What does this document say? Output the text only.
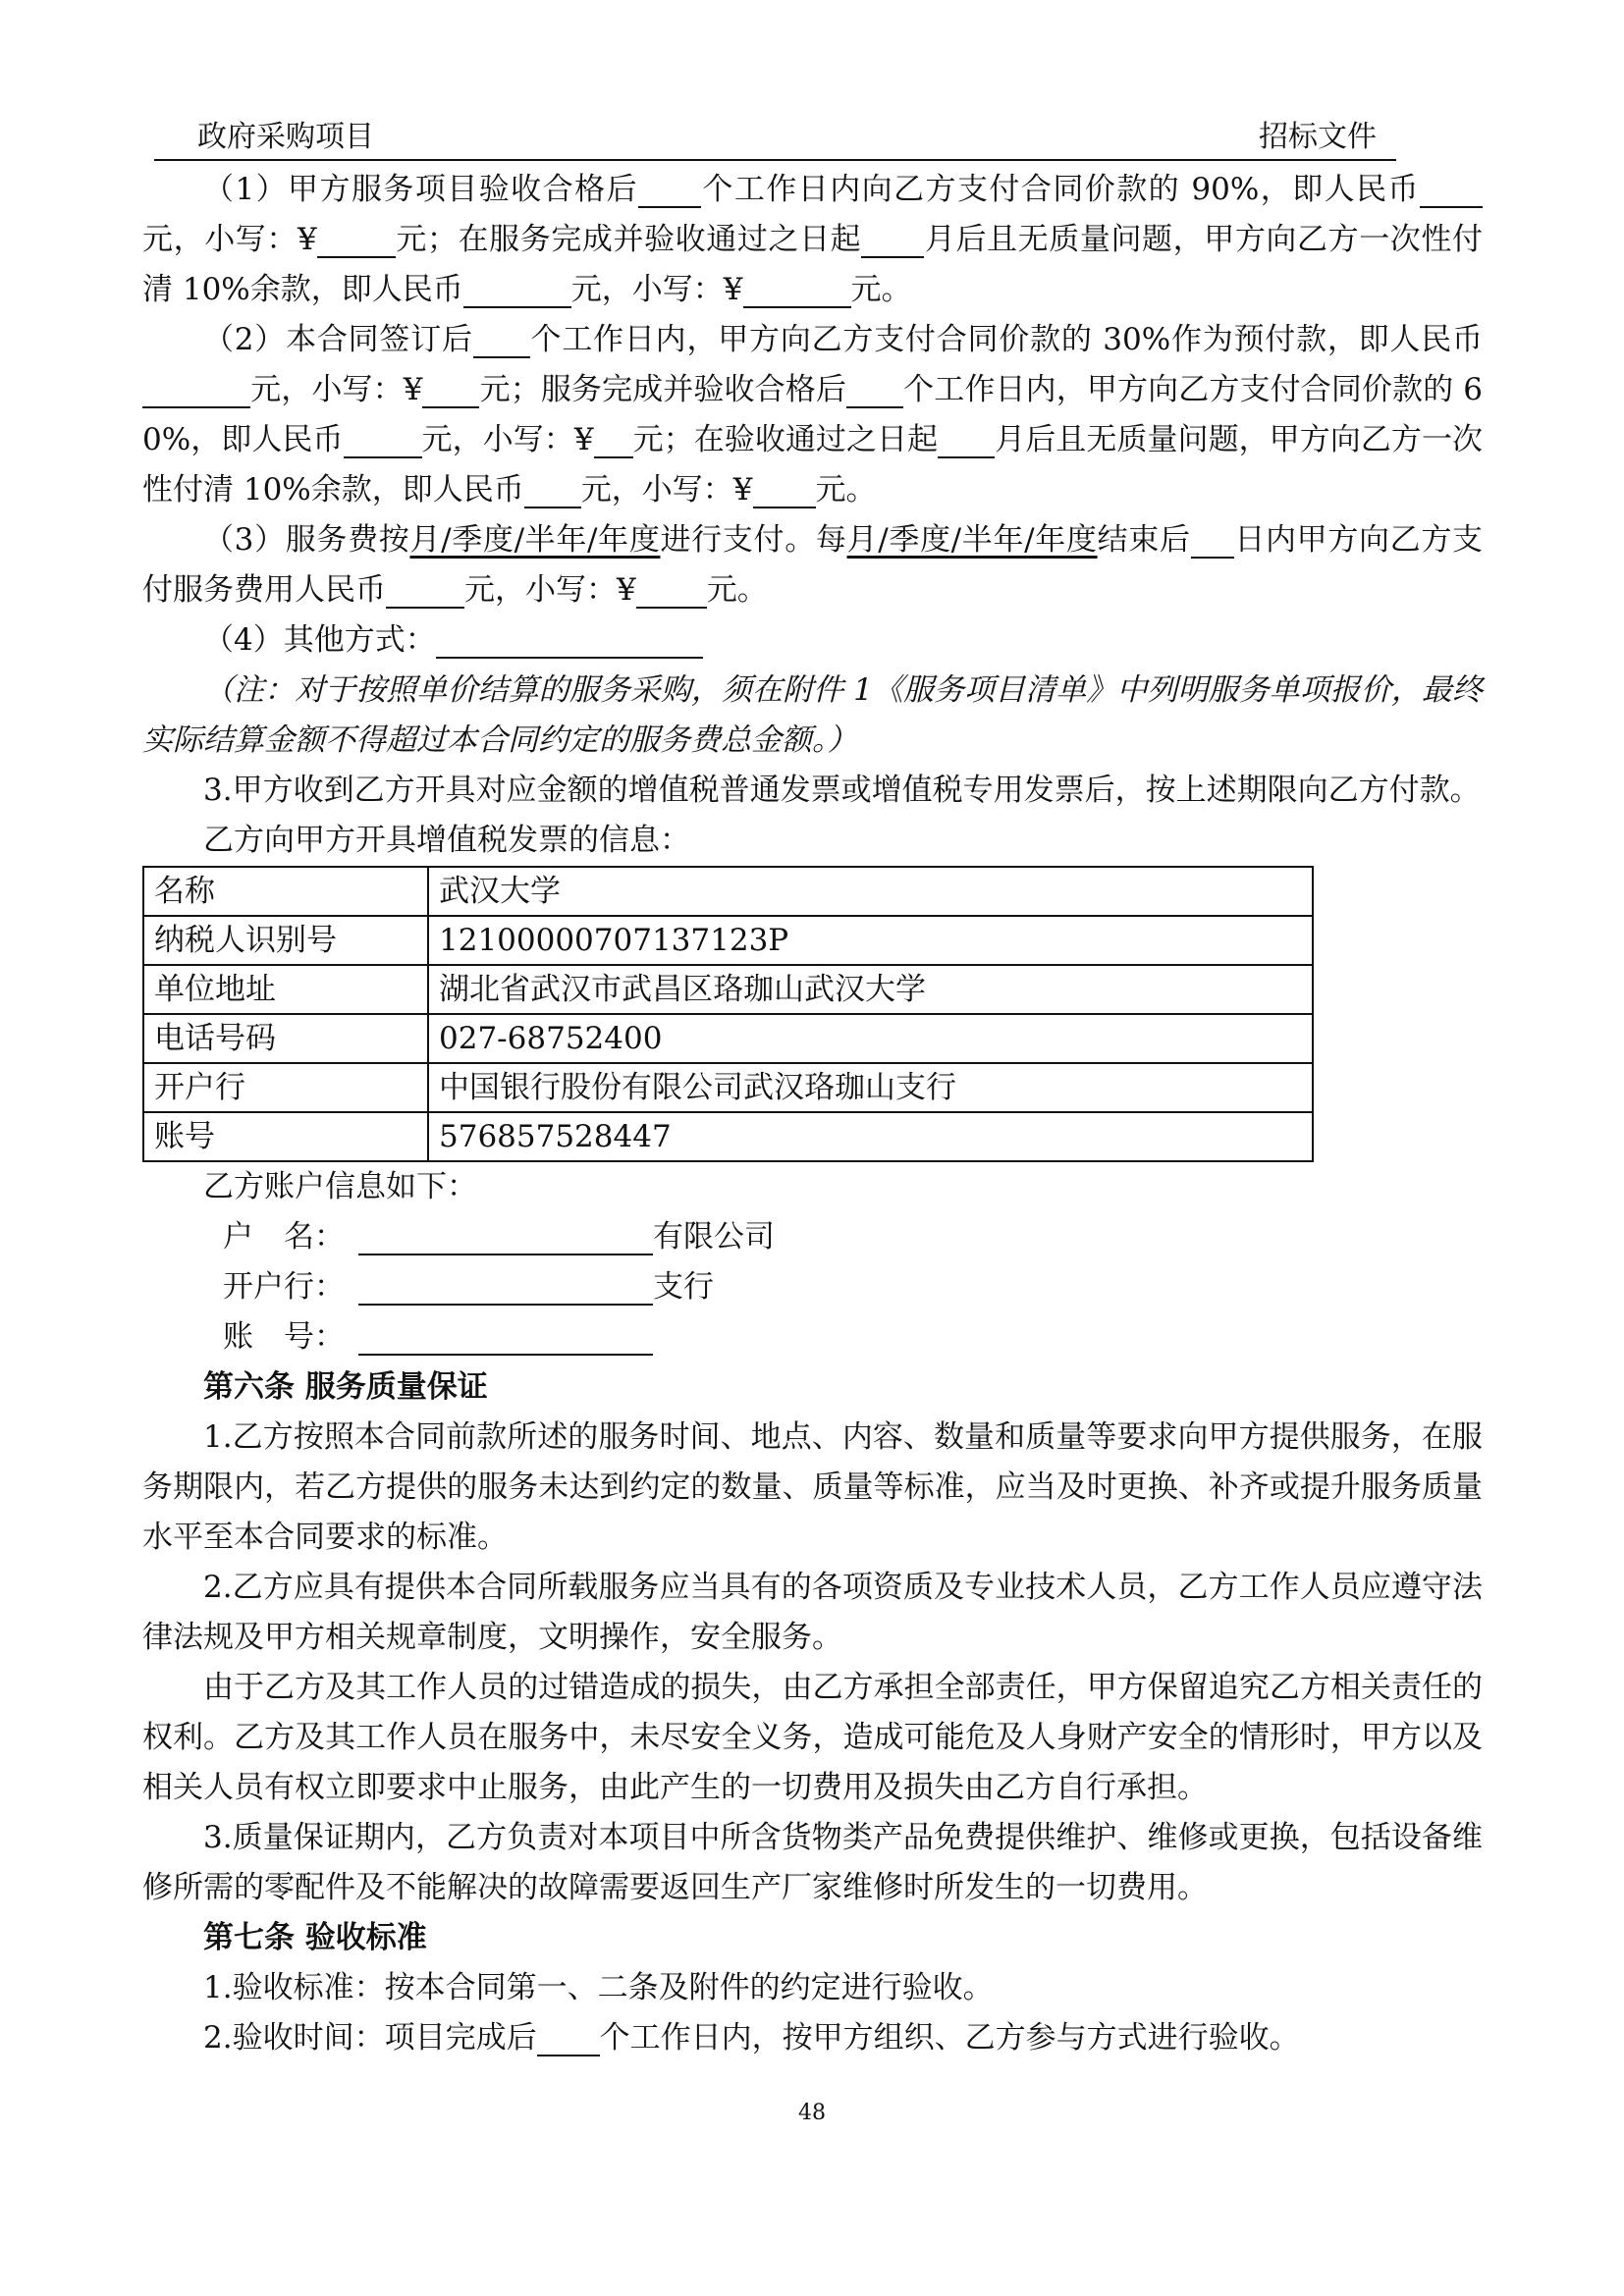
政府采购项目	招标文件

（1）甲方服务项目验收合格后 个工作日内向乙方支付合同价款的 90%，即人民币元，小写：¥	元；在服务完成并验收通过之日起 月后且无质量问题，甲方向乙方一次性付清 10%余款，即人民币	元，小写：¥	元。

（2）本合同签订后 个工作日内，甲方向乙方支付合同价款的 30%作为预付款，即人民币元，小写：¥ 元；服务完成并验收合格后 个工作日内，甲方向乙方支付合同价款的 60%，即人民币	元，小写：¥ 元；在验收通过之日起 月后且无质量问题，甲方向乙方一次性付清 10%余款，即人民币 元，小写：¥ 元。

（3）服务费按月/季度/半年/年度进行支付。每月/季度/半年/年度结束后 日内甲方向乙方支付服务费用人民币	元，小写：¥ 元。

（4）其他方式：

（注：对于按照单价结算的服务采购，须在附件 1《服务项目清单》中列明服务单项报价，最终实际结算金额不得超过本合同约定的服务费总金额。）

3.甲方收到乙方开具对应金额的增值税普通发票或增值税专用发票后，按上述期限向乙方付款。

乙方向甲方开具增值税发票的信息：

名称	武汉大学
纳税人识别号	12100000707137123P
单位地址	湖北省武汉市武昌区珞珈山武汉大学
电话号码	027-68752400
开户行	中国银行股份有限公司武汉珞珈山支行
账号	576857528447

乙方账户信息如下：

户　名：	有限公司

开户行：	支行

账　号：

第六条 服务质量保证

1.乙方按照本合同前款所述的服务时间、地点、内容、数量和质量等要求向甲方提供服务，在服务期限内，若乙方提供的服务未达到约定的数量、质量等标准，应当及时更换、补齐或提升服务质量水平至本合同要求的标准。

2.乙方应具有提供本合同所载服务应当具有的各项资质及专业技术人员，乙方工作人员应遵守法律法规及甲方相关规章制度，文明操作，安全服务。

由于乙方及其工作人员的过错造成的损失，由乙方承担全部责任，甲方保留追究乙方相关责任的权利。乙方及其工作人员在服务中，未尽安全义务，造成可能危及人身财产安全的情形时，甲方以及相关人员有权立即要求中止服务，由此产生的一切费用及损失由乙方自行承担。

3.质量保证期内，乙方负责对本项目中所含货物类产品免费提供维护、维修或更换，包括设备维修所需的零配件及不能解决的故障需要返回生产厂家维修时所发生的一切费用。

第七条 验收标准

1.验收标准：按本合同第一、二条及附件的约定进行验收。

2.验收时间：项目完成后 个工作日内，按甲方组织、乙方参与方式进行验收。

48
